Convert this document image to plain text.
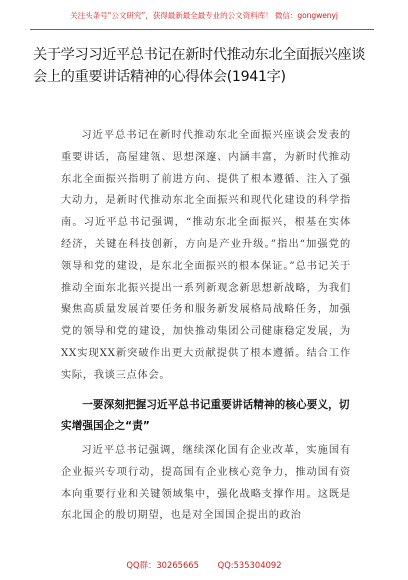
关注头条号“公文研究”，获得最新最全最专业的公文资料库！ 微信：gongwenyj
关于学习习近平总书记在新时代推动东北全面振兴座谈会上的重要讲话精神的心得体会(1941字)

习近平总书记在新时代推动东北全面振兴座谈会发表的重要讲话，高屋建瓴、思想深邃、内涵丰富，为新时代推动东北全面振兴指明了前进方向、提供了根本遵循、注入了强大动力，是新时代推动东北全面振兴和现代化建设的科学指南。习近平总书记强调，“推动东北全面振兴，根基在实体经济，关键在科技创新，方向是产业升级。”指出“加强党的领导和党的建设，是东北全面振兴的根本保证。”总书记关于推动全面东北振兴提出一系列新观念新思想新战略，为我们聚焦高质量发展首要任务和服务新发展格局战略任务，加强党的领导和党的建设，加快推动集团公司健康稳定发展，为XX实现XX新突破作出更大贡献提供了根本遵循。结合工作实际，我谈三点体会。

一要深刻把握习近平总书记重要讲话精神的核心要义，切实增强国企之“责”

习近平总书记强调，继续深化国有企业改革，实施国有企业振兴专项行动，提高国有企业核心竞争力，推动国有资本向重要行业和关键领域集中，强化战略支撑作用。这既是东北国企的殷切期望，也是对全国国企提出的政治

QQ群：30265665       QQ:535304092
